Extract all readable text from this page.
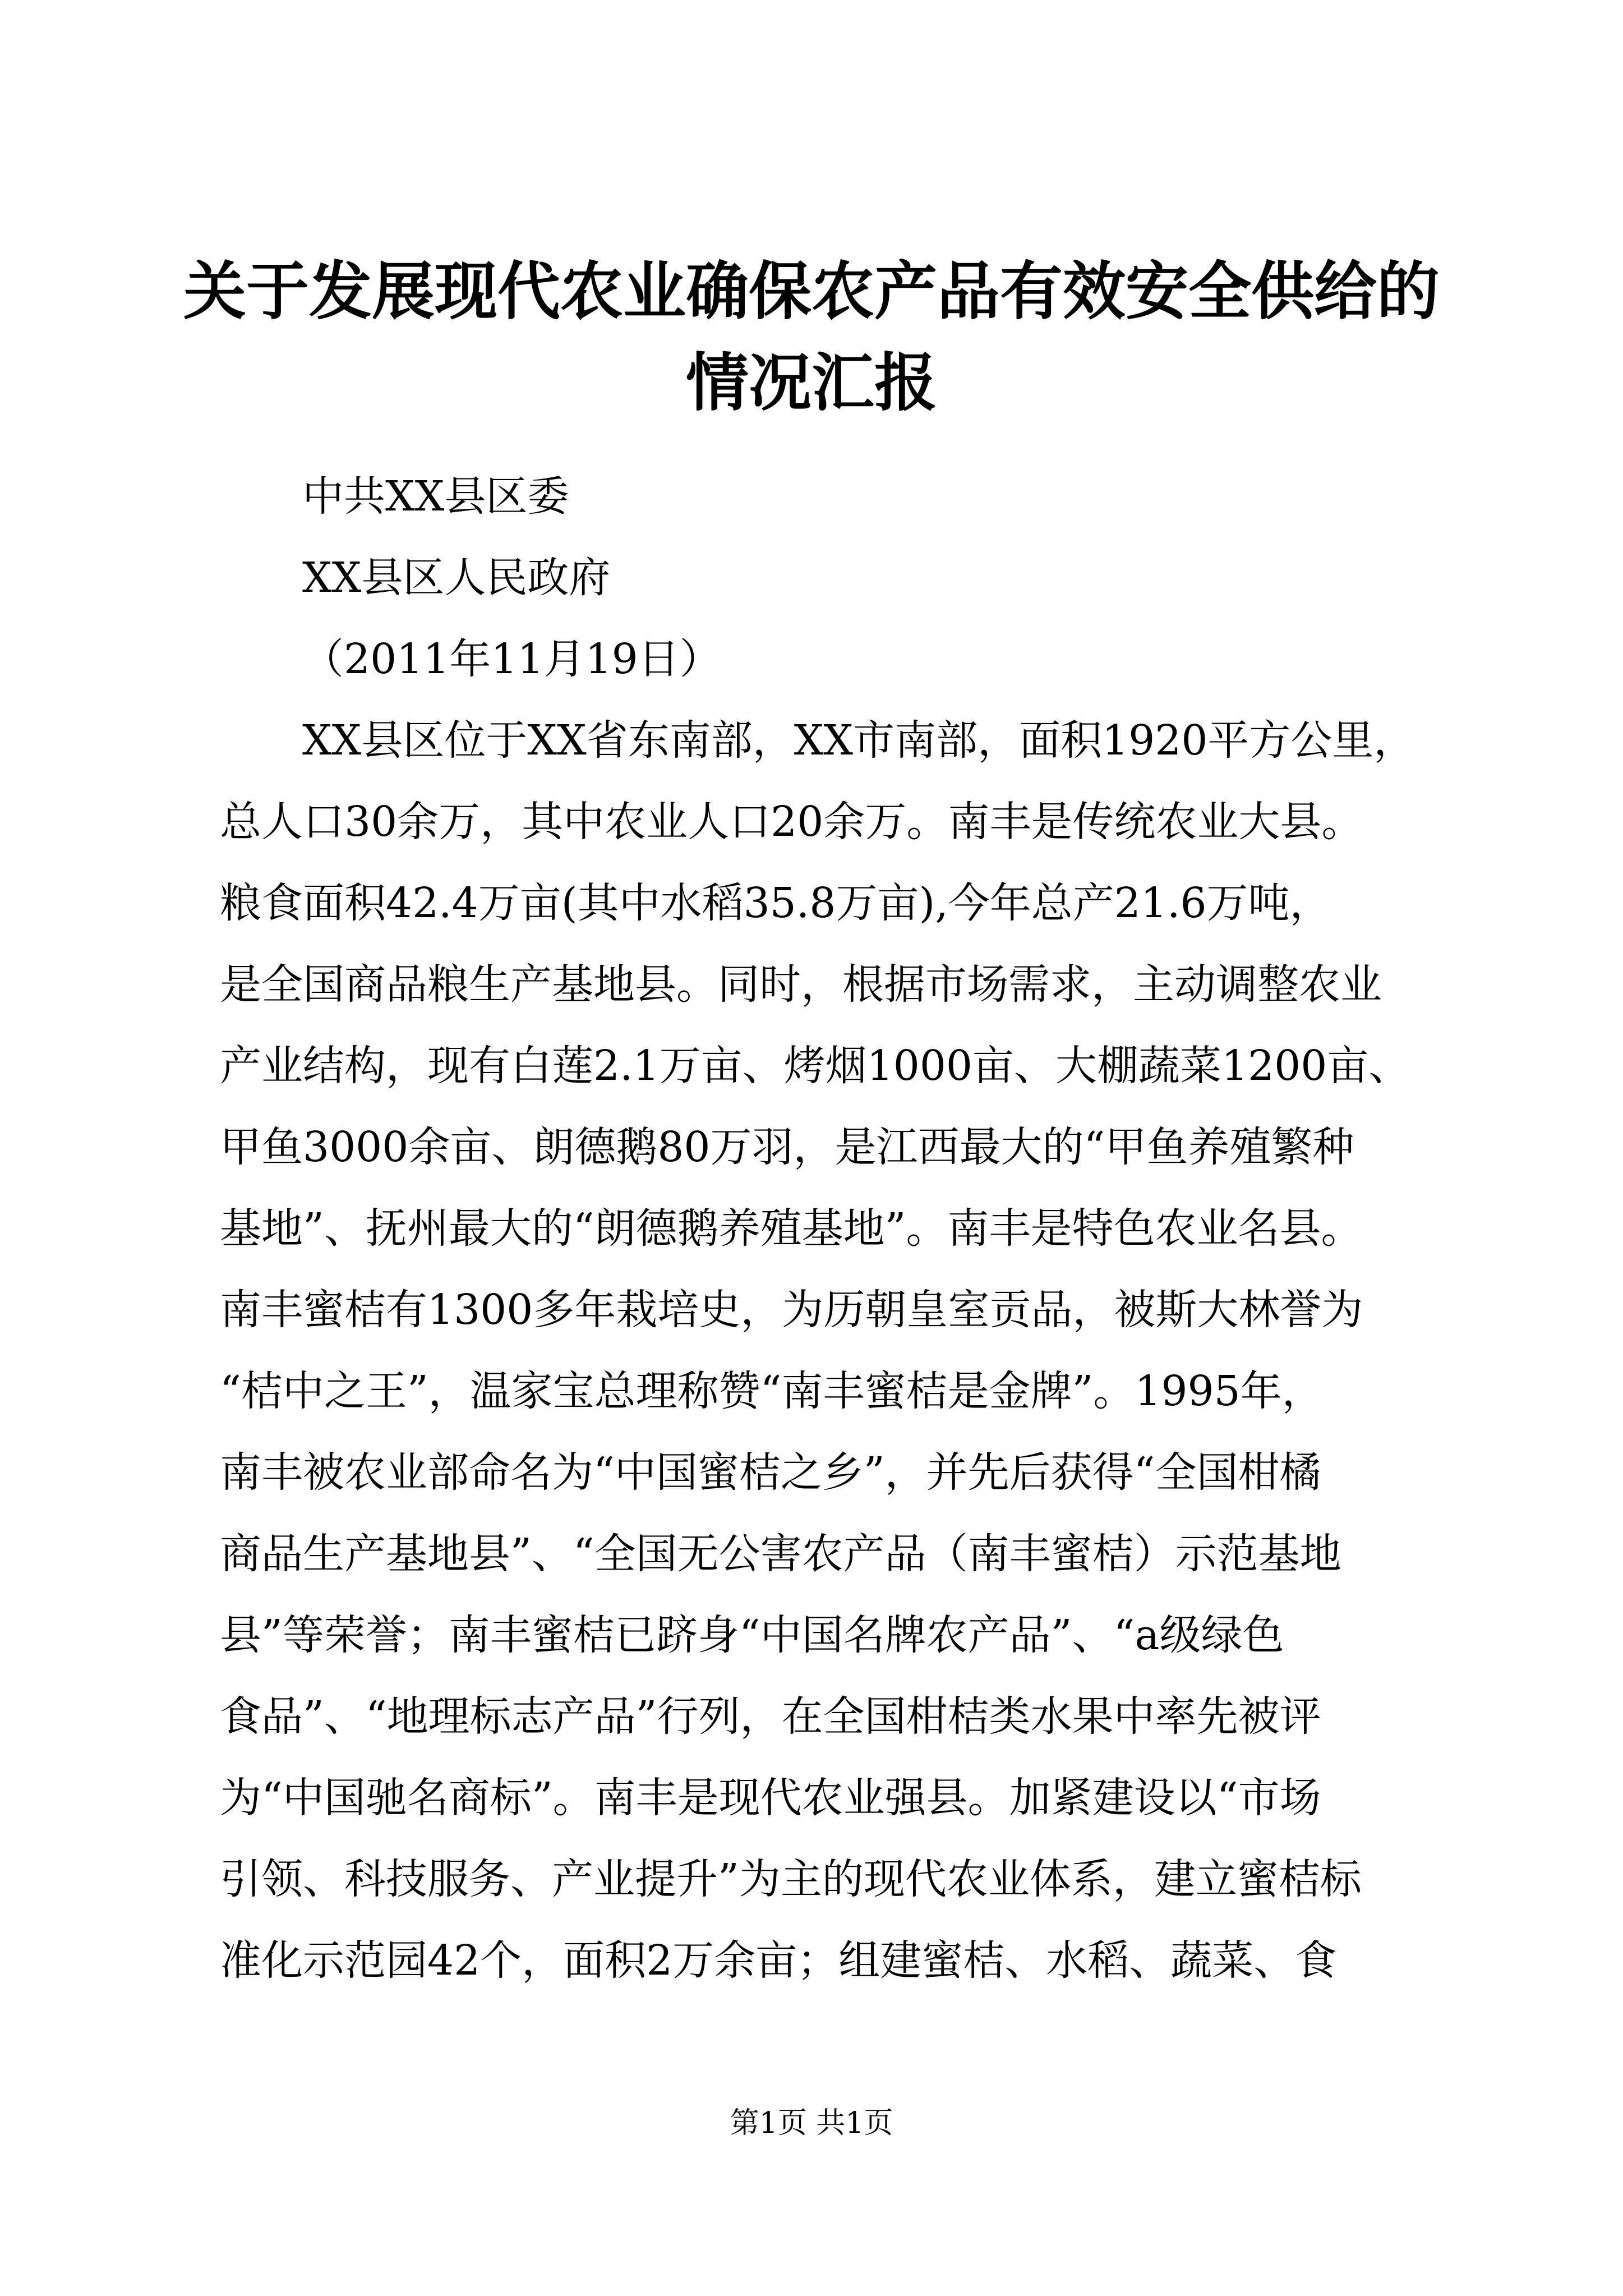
关于发展现代农业确保农产品有效安全供给的
情况汇报

中共XX县区委

XX县区人民政府

（2011年11月19日）

XX县区位于XX省东南部，XX市南部，面积1920平方公里，
总人口30余万，其中农业人口20余万。南丰是传统农业大县。
粮食面积42.4万亩(其中水稻35.8万亩),今年总产21.6万吨，
是全国商品粮生产基地县。同时，根据市场需求，主动调整农业
产业结构，现有白莲2.1万亩、烤烟1000亩、大棚蔬菜1200亩、
甲鱼3000余亩、朗德鹅80万羽，是江西最大的“甲鱼养殖繁种
基地”、抚州最大的“朗德鹅养殖基地”。南丰是特色农业名县。
南丰蜜桔有1300多年栽培史，为历朝皇室贡品，被斯大林誉为
“桔中之王”，温家宝总理称赞“南丰蜜桔是金牌”。1995年，
南丰被农业部命名为“中国蜜桔之乡”，并先后获得“全国柑橘
商品生产基地县”、“全国无公害农产品（南丰蜜桔）示范基地
县”等荣誉；南丰蜜桔已跻身“中国名牌农产品”、“a级绿色
食品”、“地理标志产品”行列，在全国柑桔类水果中率先被评
为“中国驰名商标”。南丰是现代农业强县。加紧建设以“市场
引领、科技服务、产业提升”为主的现代农业体系，建立蜜桔标
准化示范园42个，面积2万余亩；组建蜜桔、水稻、蔬菜、食

第1页 共1页
